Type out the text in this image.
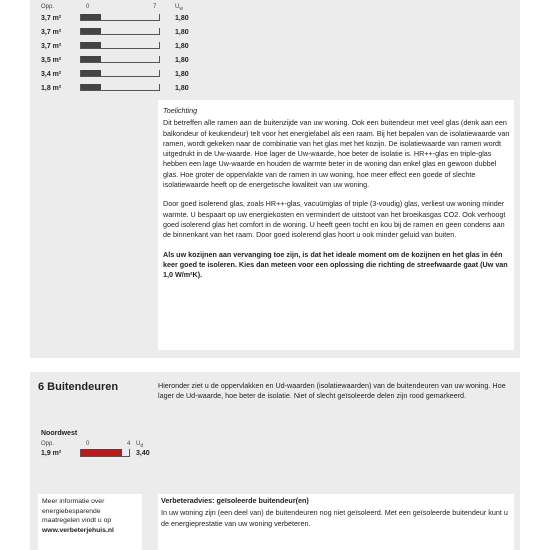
Opp.	0	7	$U_w$
3,7 m²	1,80
3,7 m²	1,80
3,7 m²	1,80
3,5 m²	1,80
3,4 m²	1,80
1,8 m²	1,80

Toelichting

Dit betreffen alle ramen aan de buitenzijde van uw woning. Ook een buitendeur met veel glas (denk aan een balkondeur of keukendeur) telt voor het energielabel als een raam. Bij het bepalen van de isolatiewaarde van ramen, wordt gekeken naar de combinatie van het glas met het kozijn. De isolatiewaarde van ramen wordt uitgedrukt in de Uw-waarde. Hoe lager de Uw-waarde, hoe beter de isolatie is. HR++-glas en triple-glas hebben een lage Uw-waarde en houden de warmte beter in de woning dan enkel glas en gewoon dubbel glas. Hoe groter de oppervlakte van de ramen in uw woning, hoe meer effect een goede of slechte isolatiewaarde heeft op de energetische kwaliteit van uw woning.

Door goed isolerend glas, zoals HR++-glas, vacuümglas of triple (3-voudig) glas, verliest uw woning minder warmte. U bespaart op uw energiekosten en vermindert de uitstoot van het broeikasgas CO2. Ook verhoogt goed isolerend glas het comfort in de woning. U heeft geen tocht en kou bij de ramen en geen condens aan de binnenkant van het raam. Door goed isolerend glas hoort u ook minder geluid van buiten.

Als uw kozijnen aan vervanging toe zijn, is dat het ideale moment om de kozijnen en het glas in één keer goed te isoleren. Kies dan meteen voor een oplossing die richting de streefwaarde gaat (Uw van 1,0 W/m²K).

6 Buitendeuren	Hieronder ziet u de oppervlakken en Ud-waarden (isolatiewaarden) van de buitendeuren van uw woning. Hoe lager de Ud-waarde, hoe beter de isolatie. Niet of slecht geïsoleerde delen zijn rood gemarkeerd.
Noordwest
Opp.	0	4 $U_d$
1,9 m²	3,40
Meer informatie over energiebesparende maatregelen vindt u op
www.verbeterjehuis.nl
Verbeteradvies: geïsoleerde buitendeur(en)
In uw woning zijn (een deel van) de buitendeuren nog niet geïsoleerd. Met een geïsoleerde buitendeur kunt u de energieprestatie van uw woning verbeteren.
